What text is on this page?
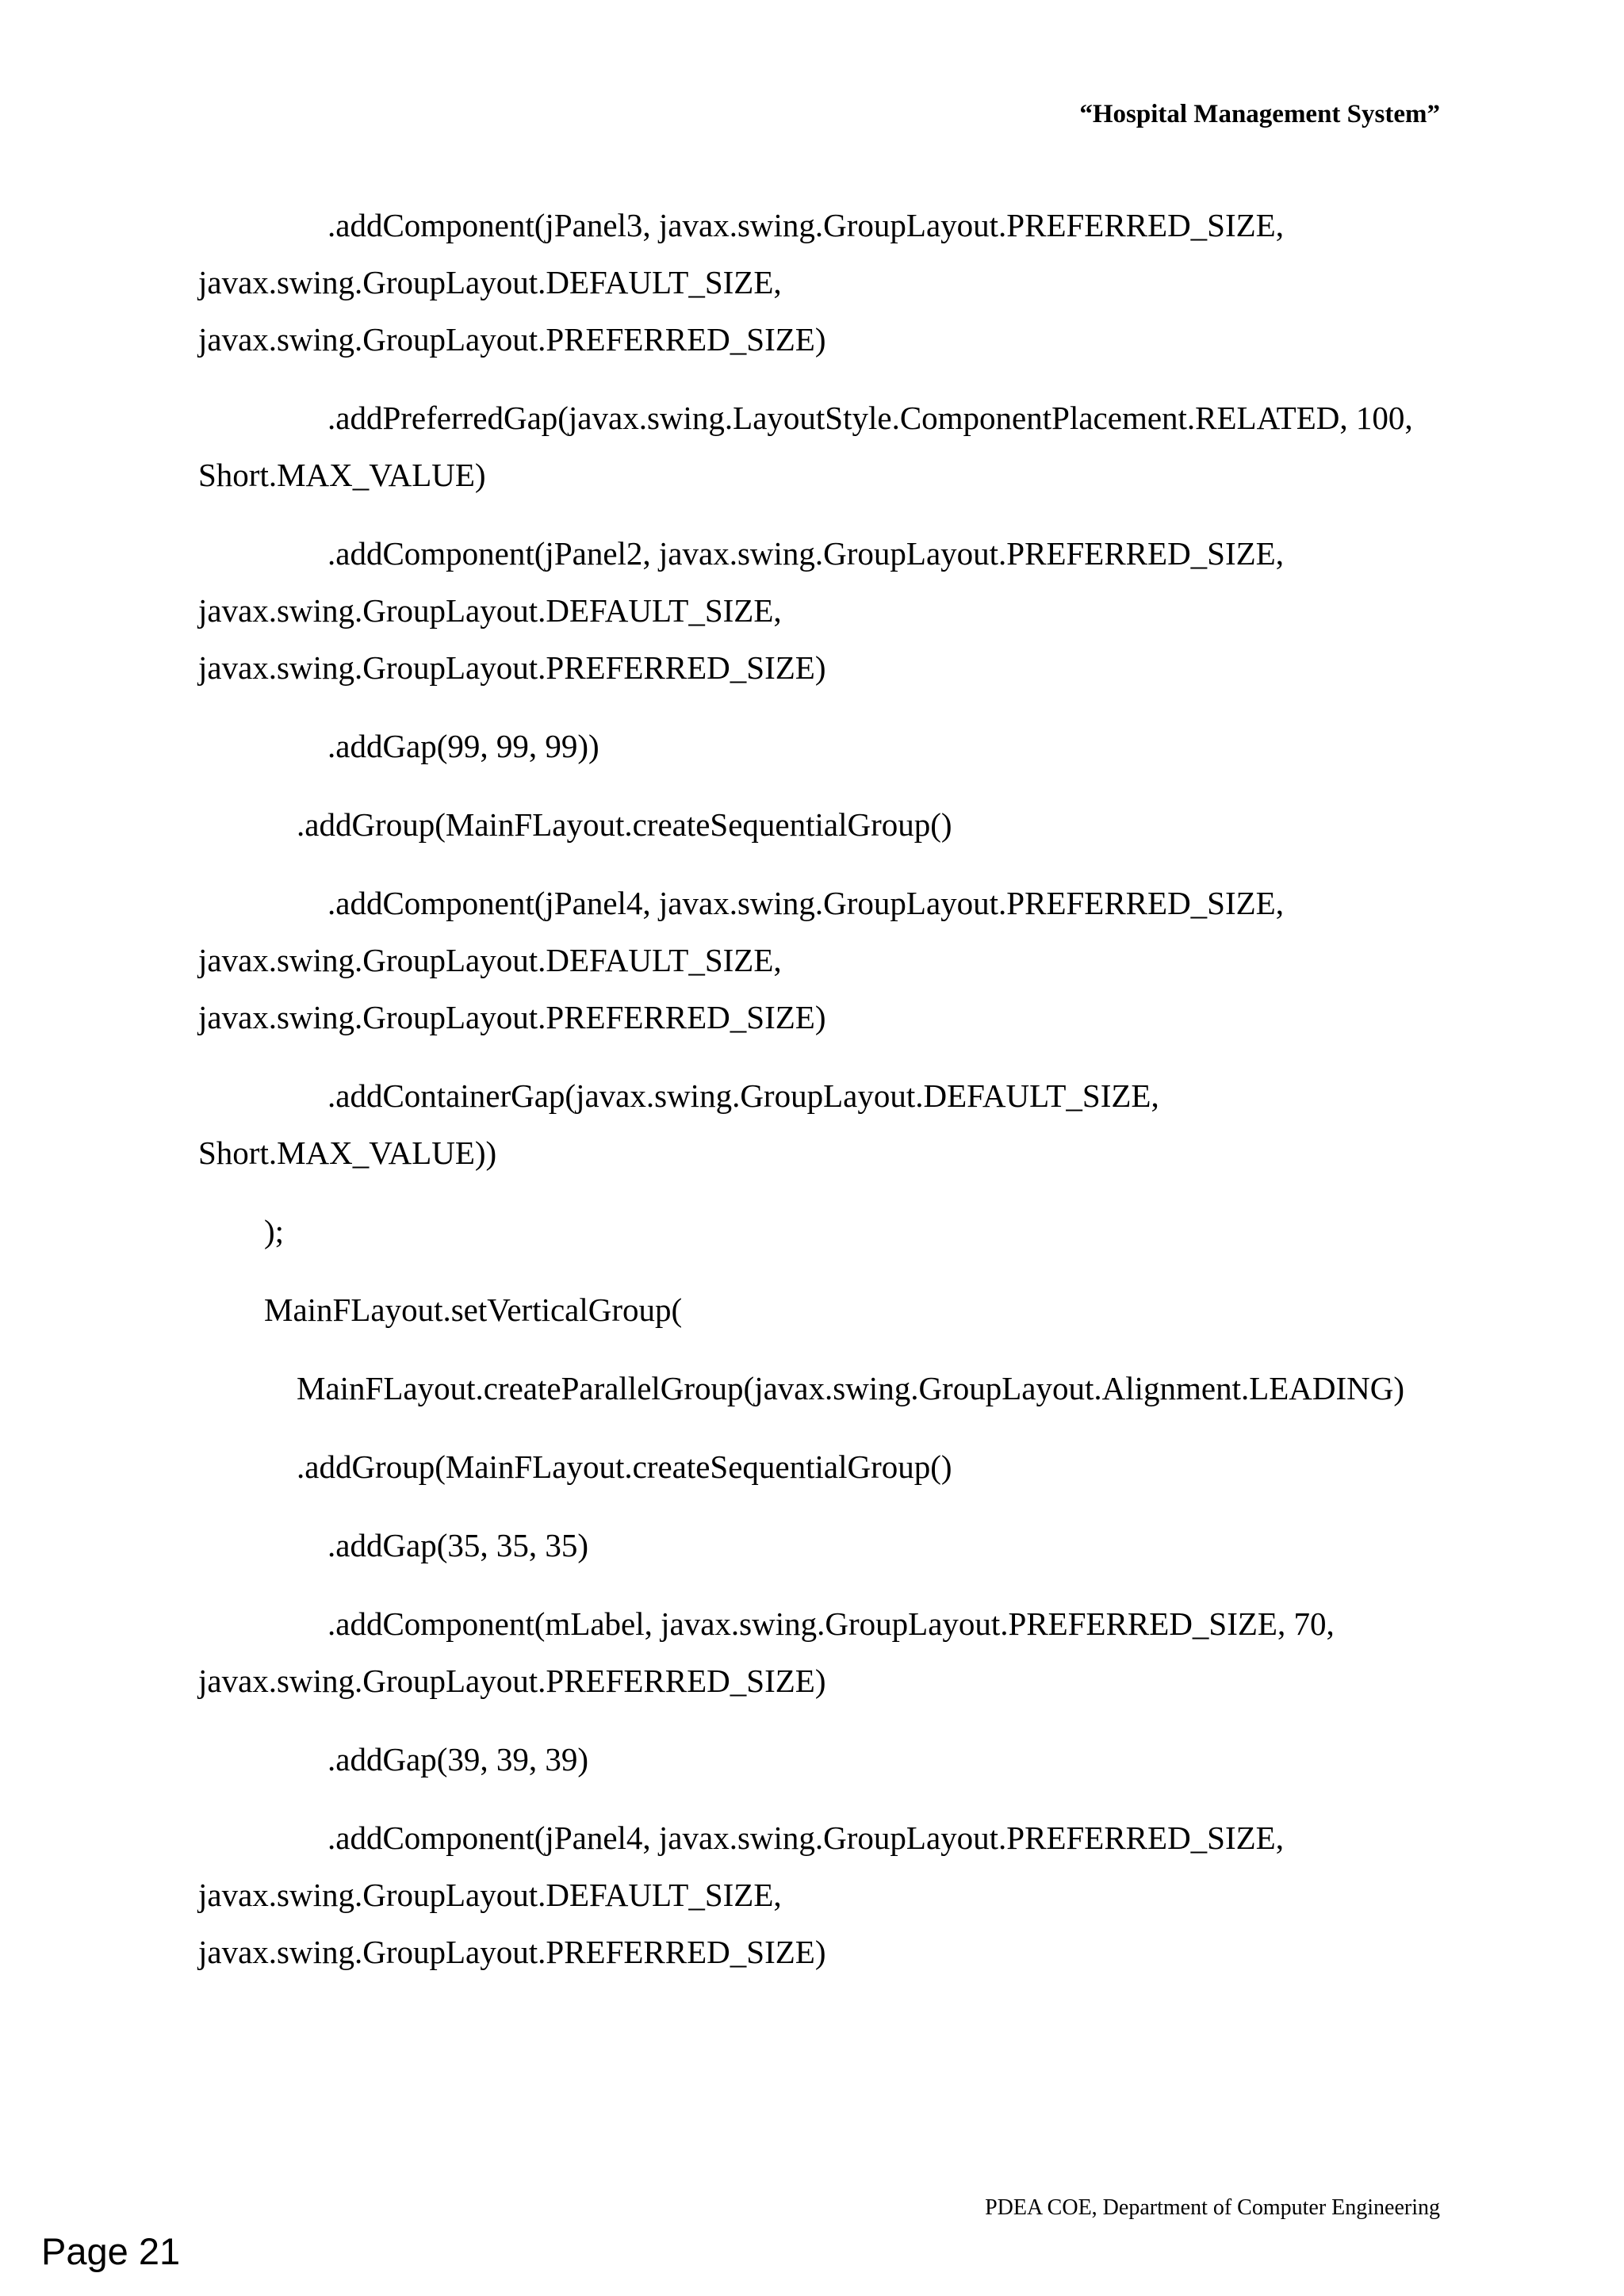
“Hospital Management System”
.addComponent(jPanel3, javax.swing.GroupLayout.PREFERRED_SIZE,
javax.swing.GroupLayout.DEFAULT_SIZE,
javax.swing.GroupLayout.PREFERRED_SIZE)
.addPreferredGap(javax.swing.LayoutStyle.ComponentPlacement.RELATED, 100,
Short.MAX_VALUE)
.addComponent(jPanel2, javax.swing.GroupLayout.PREFERRED_SIZE,
javax.swing.GroupLayout.DEFAULT_SIZE,
javax.swing.GroupLayout.PREFERRED_SIZE)
.addGap(99, 99, 99))
.addGroup(MainFLayout.createSequentialGroup()
.addComponent(jPanel4, javax.swing.GroupLayout.PREFERRED_SIZE,
javax.swing.GroupLayout.DEFAULT_SIZE,
javax.swing.GroupLayout.PREFERRED_SIZE)
.addContainerGap(javax.swing.GroupLayout.DEFAULT_SIZE,
Short.MAX_VALUE))
);
MainFLayout.setVerticalGroup(
MainFLayout.createParallelGroup(javax.swing.GroupLayout.Alignment.LEADING)
.addGroup(MainFLayout.createSequentialGroup()
.addGap(35, 35, 35)
.addComponent(mLabel, javax.swing.GroupLayout.PREFERRED_SIZE, 70,
javax.swing.GroupLayout.PREFERRED_SIZE)
.addGap(39, 39, 39)
.addComponent(jPanel4, javax.swing.GroupLayout.PREFERRED_SIZE,
javax.swing.GroupLayout.DEFAULT_SIZE,
javax.swing.GroupLayout.PREFERRED_SIZE)
PDEA COE, Department of Computer Engineering
Page 21
